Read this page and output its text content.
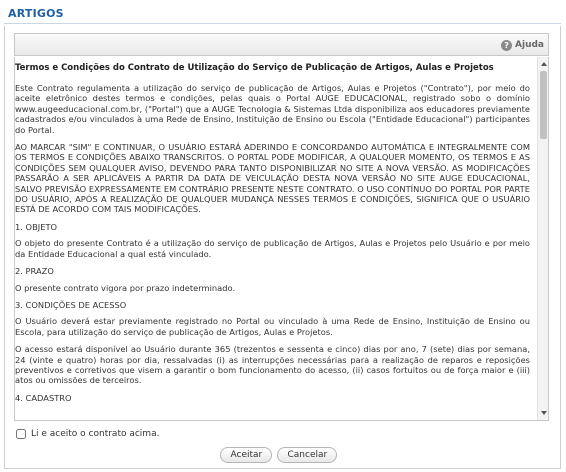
ARTIGOS
? Ajuda
Termos e Condições do Contrato de Utilização do Serviço de Publicação de Artigos, Aulas e Projetos

Este Contrato regulamenta a utilização do serviço de publicação de Artigos, Aulas e Projetos ("Contrato"), por meio do aceite eletrônico destes termos e condições, pelas quais o Portal AUGE EDUCACIONAL, registrado sobo o domínio www.augeeducacional.com.br, ("Portal") que a AUGE Tecnologia & Sistemas Ltda disponibiliza aos educadores previamente cadastrados e/ou vinculados à uma Rede de Ensino, Instituição de Ensino ou Escola ("Entidade Educacional") participantes do Portal.

AO MARCAR "SIM" E CONTINUAR, O USUÁRIO ESTARÁ ADERINDO E CONCORDANDO AUTOMÁTICA E INTEGRALMENTE COM OS TERMOS E CONDIÇÕES ABAIXO TRANSCRITOS. O PORTAL PODE MODIFICAR, A QUALQUER MOMENTO, OS TERMOS E AS CONDIÇÕES SEM QUALQUER AVISO, DEVENDO PARA TANTO DISPONIBILIZAR NO SITE A NOVA VERSÃO. AS MODIFICAÇÕES PASSARÃO A SER APLICÁVEIS A PARTIR DA DATA DE VEICULAÇÃO DESTA NOVA VERSÃO NO SITE AUGE EDUCACIONAL, SALVO PREVISÃO EXPRESSAMENTE EM CONTRÁRIO PRESENTE NESTE CONTRATO. O USO CONTÍNUO DO PORTAL POR PARTE DO USUÁRIO, APÓS A REALIZAÇÃO DE QUALQUER MUDANÇA NESSES TERMOS E CONDIÇÕES, SIGNIFICA QUE O USUÁRIO ESTÁ DE ACORDO COM TAIS MODIFICAÇÕES.

1. OBJETO

O objeto do presente Contrato é a utilização do serviço de publicação de Artigos, Aulas e Projetos pelo Usuário e por meio da Entidade Educacional a qual está vinculado.

2. PRAZO

O presente contrato vigora por prazo indeterminado.

3. CONDIÇÕES DE ACESSO

O Usuário deverá estar previamente registrado no Portal ou vinculado à uma Rede de Ensino, Instituição de Ensino ou Escola, para utilização do serviço de publicação de Artigos, Aulas e Projetos.

O acesso estará disponível ao Usuário durante 365 (trezentos e sessenta e cinco) dias por ano, 7 (sete) dias por semana, 24 (vinte e quatro) horas por dia, ressalvadas (i) as interrupções necessárias para a realização de reparos e reposições preventivos e corretivos que visem a garantir o bom funcionamento do acesso, (ii) casos fortuitos ou de força maior e (iii) atos ou omissões de terceiros.

4. CADASTRO

Li e aceito o contrato acima.
Aceitar	Cancelar
